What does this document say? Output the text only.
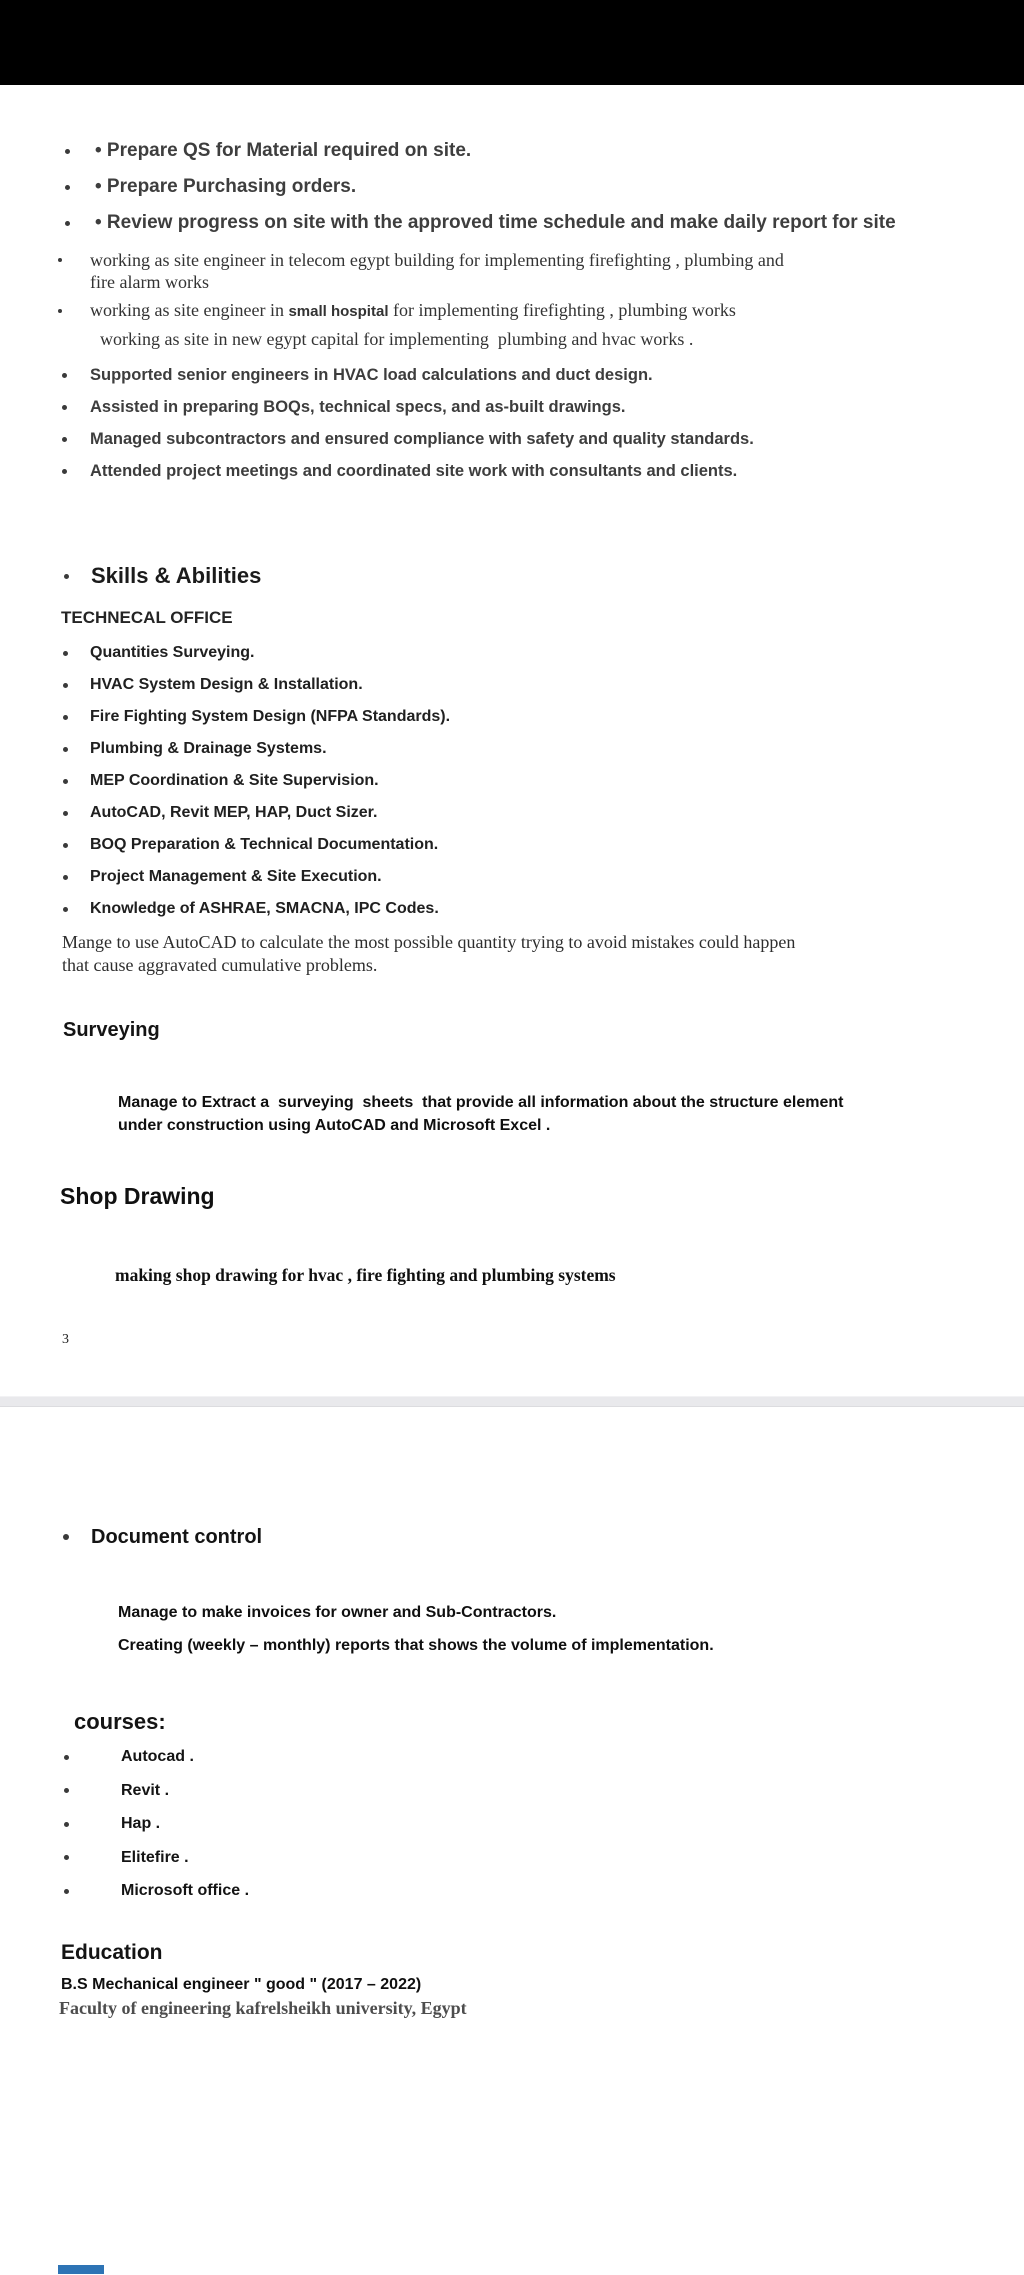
• Prepare QS for Material required on site.
• Prepare Purchasing orders.
• Review progress on site with the approved time schedule and make daily report for site
working as site engineer in telecom egypt building for implementing firefighting , plumbing and
fire alarm works
working as site engineer in small hospital for implementing firefighting , plumbing works
working as site in new egypt capital for implementing  plumbing and hvac works .
Supported senior engineers in HVAC load calculations and duct design.
Assisted in preparing BOQs, technical specs, and as-built drawings.
Managed subcontractors and ensured compliance with safety and quality standards.
Attended project meetings and coordinated site work with consultants and clients.
Skills & Abilities
TECHNECAL OFFICE
Quantities Surveying.
HVAC System Design & Installation.
Fire Fighting System Design (NFPA Standards).
Plumbing & Drainage Systems.
MEP Coordination & Site Supervision.
AutoCAD, Revit MEP, HAP, Duct Sizer.
BOQ Preparation & Technical Documentation.
Project Management & Site Execution.
Knowledge of ASHRAE, SMACNA, IPC Codes.
Mange to use AutoCAD to calculate the most possible quantity trying to avoid mistakes could happen
that cause aggravated cumulative problems.
Surveying
Manage to Extract a  surveying  sheets  that provide all information about the structure element
under construction using AutoCAD and Microsoft Excel .
Shop Drawing
making shop drawing for hvac , fire fighting and plumbing systems
3
Document control
Manage to make invoices for owner and Sub-Contractors.
Creating (weekly – monthly) reports that shows the volume of implementation.
courses:
Autocad .
Revit .
Hap .
Elitefire .
Microsoft office .
Education
B.S Mechanical engineer " good " (2017 – 2022)
Faculty of engineering kafrelsheikh university, Egypt
